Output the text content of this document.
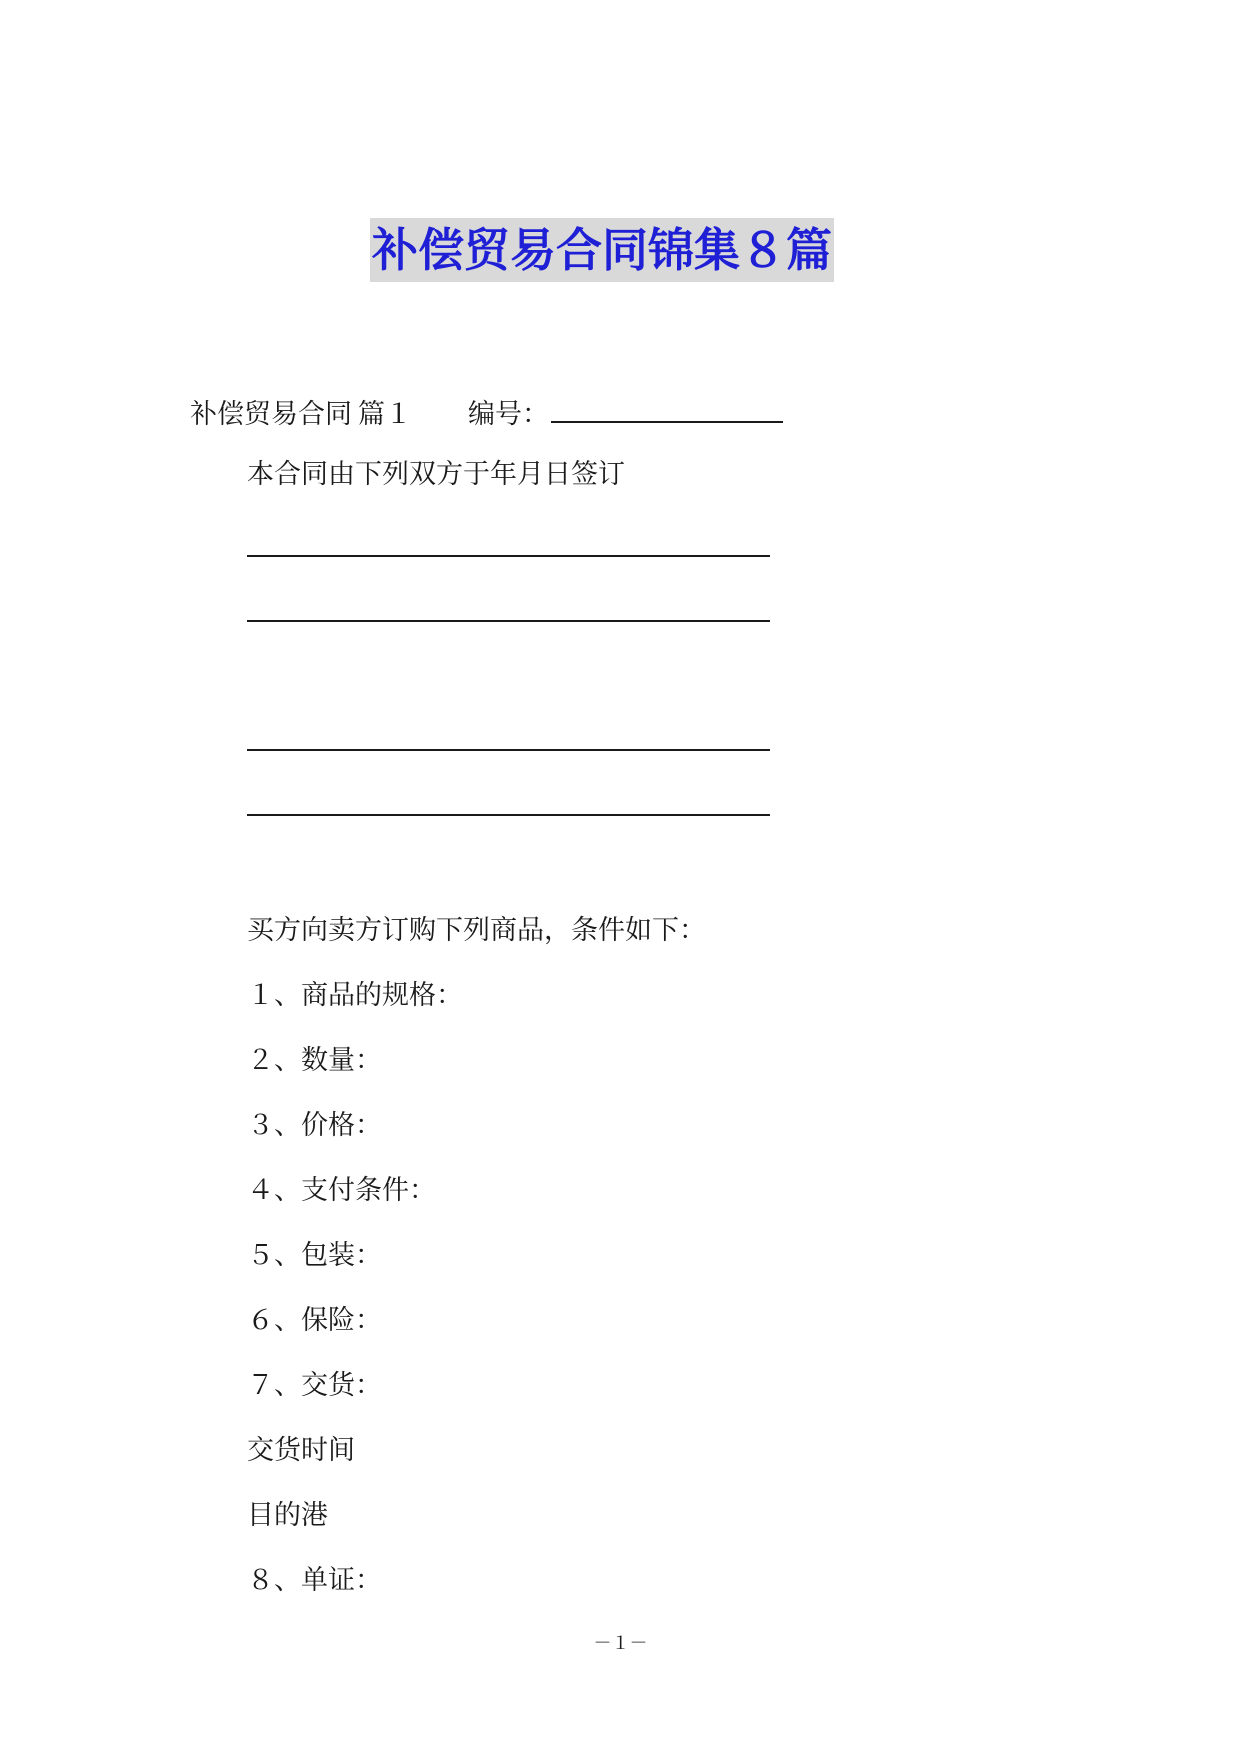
补偿贸易合同锦集８篇
补偿贸易合同 篇１ 编号：
本合同由下列双方于年月日签订
买方向卖方订购下列商品，条件如下：
１、商品的规格：
２、数量：
３、价格：
４、支付条件：
５、包装：
６、保险：
７、交货：
交货时间
目的港
８、单证：
－１－
